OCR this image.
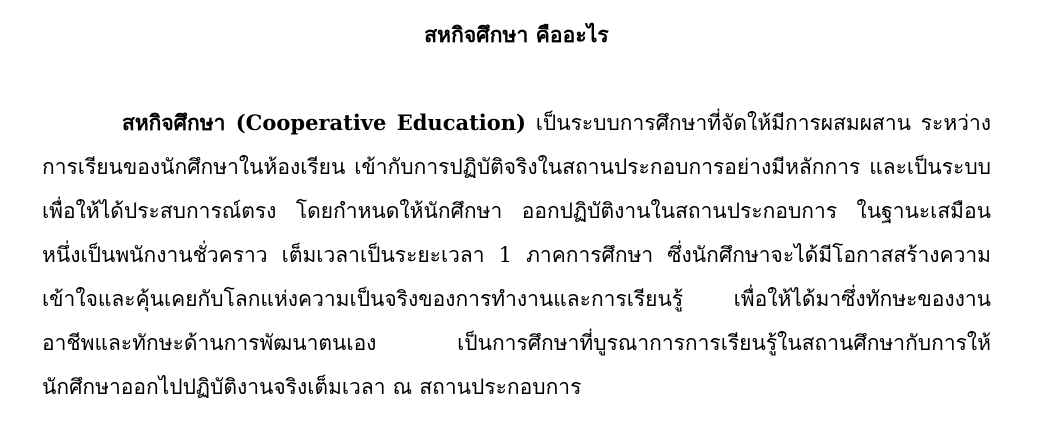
สหกิจศึกษา คืออะไร

สหกิจศึกษา (Cooperative Education) เป็นระบบการศึกษาที่จัดให้มีการผสมผสาน ระหว่างการเรียนของนักศึกษาในห้องเรียน เข้ากับการปฏิบัติจริงในสถานประกอบการอย่างมีหลักการ และเป็นระบบเพื่อให้ได้ประสบการณ์ตรง โดยกำหนดให้นักศึกษา ออกปฏิบัติงานในสถานประกอบการ ในฐานะเสมือนหนึ่งเป็นพนักงานชั่วคราว เต็มเวลาเป็นระยะเวลา 1 ภาคการศึกษา ซึ่งนักศึกษาจะได้มีโอกาสสร้างความเข้าใจและคุ้นเคยกับโลกแห่งความเป็นจริงของการทำงานและการเรียนรู้ เพื่อให้ได้มาซึ่งทักษะของงานอาชีพและทักษะด้านการพัฒนาตนเอง เป็นการศึกษาที่บูรณาการการเรียนรู้ในสถานศึกษากับการให้นักศึกษาออกไปปฏิบัติงานจริงเต็มเวลา ณ สถานประกอบการ
